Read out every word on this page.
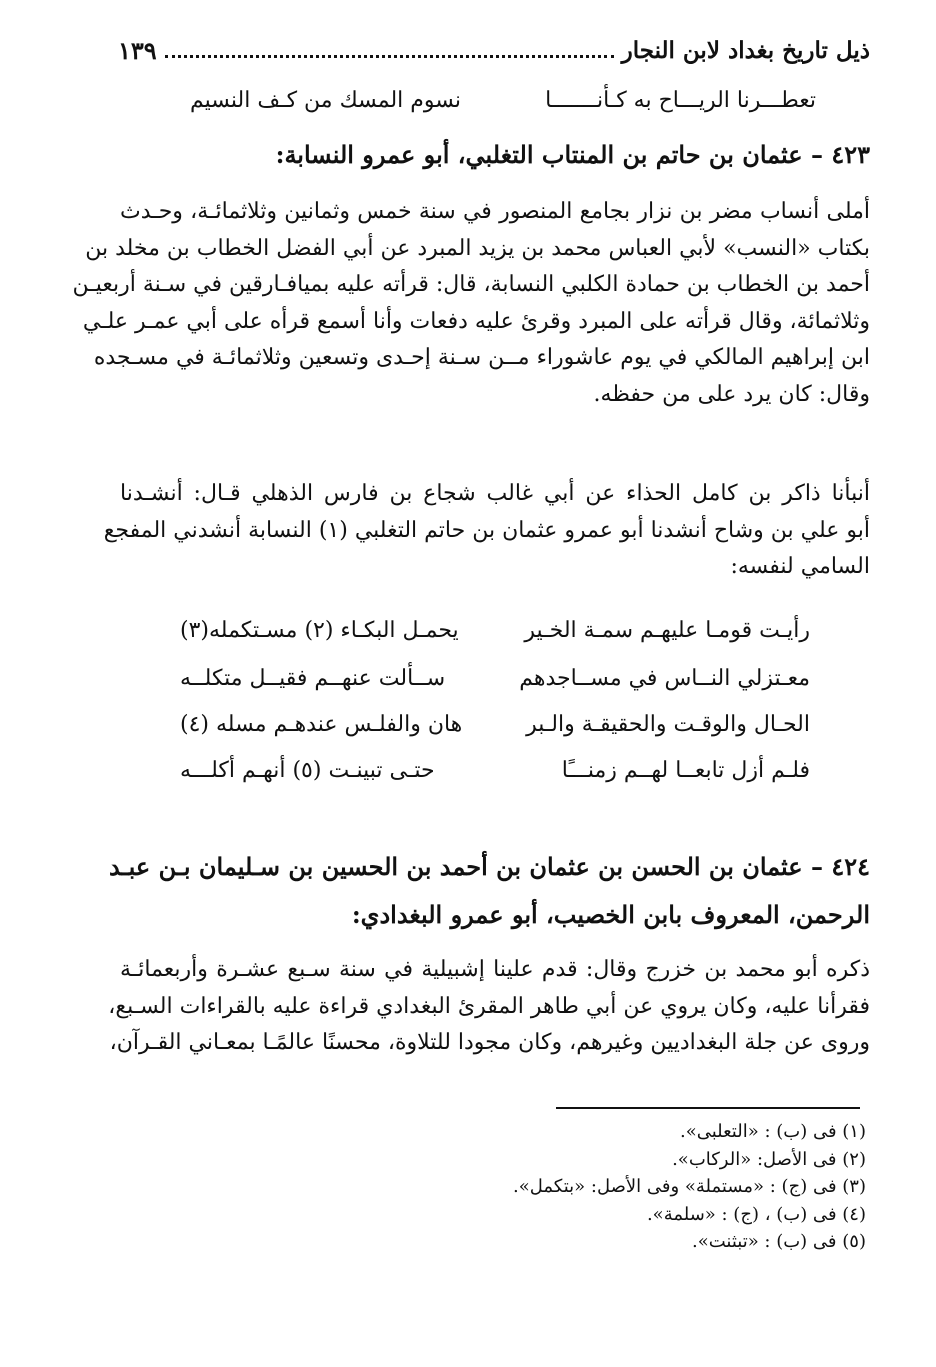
ذيل تاريخ بغداد لابن النجار
١٣٩
تعطـــرنا الريـــاح به كـأنـــــــا
نسوم المسك من كـف النسيم
٤٢٣ – عثمان بن حاتم بن المنتاب التغلبي، أبو عمرو النسابة:
أملى أنساب مضر بن نزار بجامع المنصور في سنة خمس وثمانين وثلاثمائـة، وحـدث
بكتاب «النسب» لأبي العباس محمد بن يزيد المبرد عن أبي الفضل الخطاب بن مخلد بن
أحمد بن الخطاب بن حمادة الكلبي النسابة، قال: قرأته عليه بميافـارقين في سـنة أربعيـن
وثلاثمائة، وقال قرأته على المبرد وقرئ عليه دفعات وأنا أسمع قرأه على أبي عمـر علـي
ابن إبراهيم المالكي في يوم عاشوراء مــن سـنة إحـدى وتسعين وثلاثمائـة في مسـجده
وقال: كان يرد على من حفظه.
أنبأنا ذاكر بن كامل الحذاء عن أبي غالب شجاع بن فارس الذهلي قـال: أنشـدنا
أبو علي بن وشاح أنشدنا أبو عمرو عثمان بن حاتم التغلبي (١) النسابة أنشدني المفجع
السامي لنفسه:
رأيـت قومـا عليهـم سمـة الخـير
يحمـل البكـاء (٢) مسـتكمله(٣)
معـتزلي النــاس في مســاجدهم
ســألت عنهــم فقيــل متكلــه
الحـال والوقـت والحقيقـة والـبر
هان والفلـس عندهـم مسله (٤)
فلـم أزل تابعــا لهــم زمنـــًا
حتـى تبينـت (٥) أنهـم أكلـــه
٤٢٤ – عثمان بن الحسن بن عثمان بن أحمد بن الحسين بن سـليمان بـن عبـد
الرحمن، المعروف بابن الخصيب، أبو عمرو البغدادي:
ذكره أبو محمد بن خزرج وقال: قدم علينا إشبيلية في سنة سـبع عشـرة وأربعمائـة
فقرأنا عليه، وكان يروي عن أبي طاهر المقرئ البغدادي قراءة عليه بالقراءات السـبع،
وروى عن جلة البغداديين وغيرهم، وكان مجودا للتلاوة، محسنًا عالمًـا بمعـاني القـرآن،
(١) فى (ب) : «التعلبى».
(٢) فى الأصل: «الركاب».
(٣) فى (ج) : «مستملة» وفى الأصل: «بتكمل».
(٤) فى (ب) ، (ج) : «سلمة».
(٥) فى (ب) : «تبثنت».
